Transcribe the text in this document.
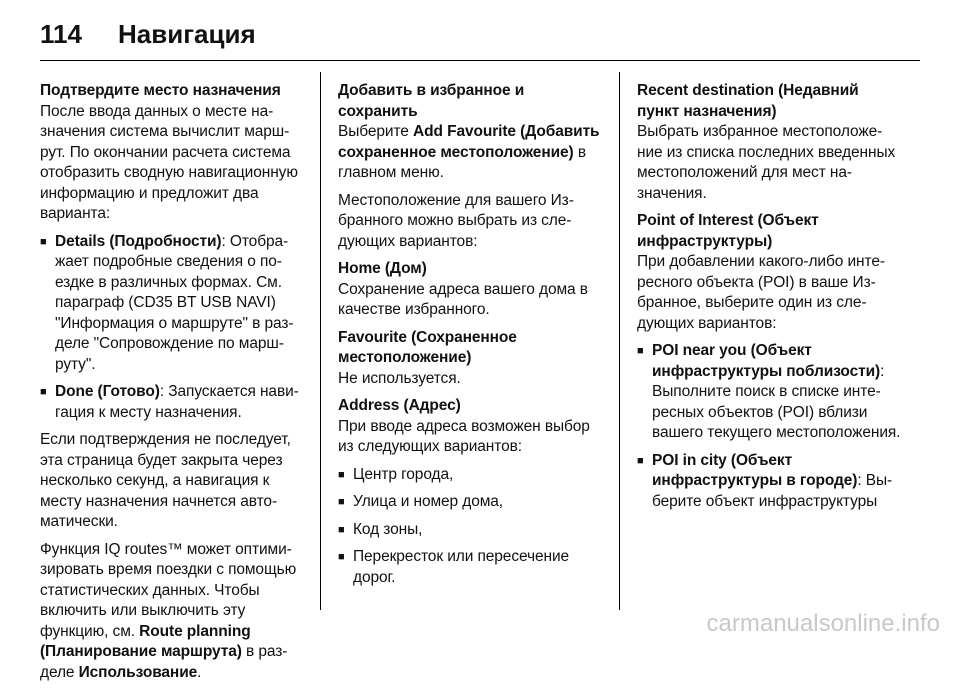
114	Навигация
Подтвердите место назначения

После ввода данных о месте назначения система вычислит маршрут. По окончании расчета система отобразить сводную навигационную информацию и предложит два варианта:

■ Details (Подробности): Отображает подробные сведения о поездке в различных формах. См. параграф (CD35 BT USB NAVI) "Информация о маршруте" в разделе "Сопровождение по маршруту".
■ Done (Готово): Запускается навигация к месту назначения.

Если подтверждения не последует, эта страница будет закрыта через несколько секунд, а навигация к месту назначения начнется автоматически.

Функция IQ routes™ может оптимизировать время поездки с помощью статистических данных. Чтобы включить или выключить эту функцию, см. Route planning (Планирование маршрута) в разделе Использование.

Добавить в избранное и сохранить

Выберите Add Favourite (Добавить сохраненное местоположение) в главном меню.

Местоположение для вашего Избранного можно выбрать из следующих вариантов:

Home (Дом)

Сохранение адреса вашего дома в качестве избранного.

Favourite (Сохраненное местоположение)

Не используется.

Address (Адрес)

При вводе адреса возможен выбор из следующих вариантов:

■ Центр города,
■ Улица и номер дома,
■ Код зоны,
■ Перекресток или пересечение дорог.
Recent destination (Недавний пункт назначения)

Выбрать избранное местоположение из списка последних введенных местоположений для мест назначения.

Point of Interest (Объект инфраструктуры)

При добавлении какого-либо интересного объекта (POI) в ваше Избранное, выберите один из следующих вариантов:

■ POI near you (Объект инфраструктуры поблизости): Выполните поиск в списке интересных объектов (POI) вблизи вашего текущего местоположения.
■ POI in city (Объект инфраструктуры в городе): Выберите объект инфраструктуры
carmanualsonline.info
